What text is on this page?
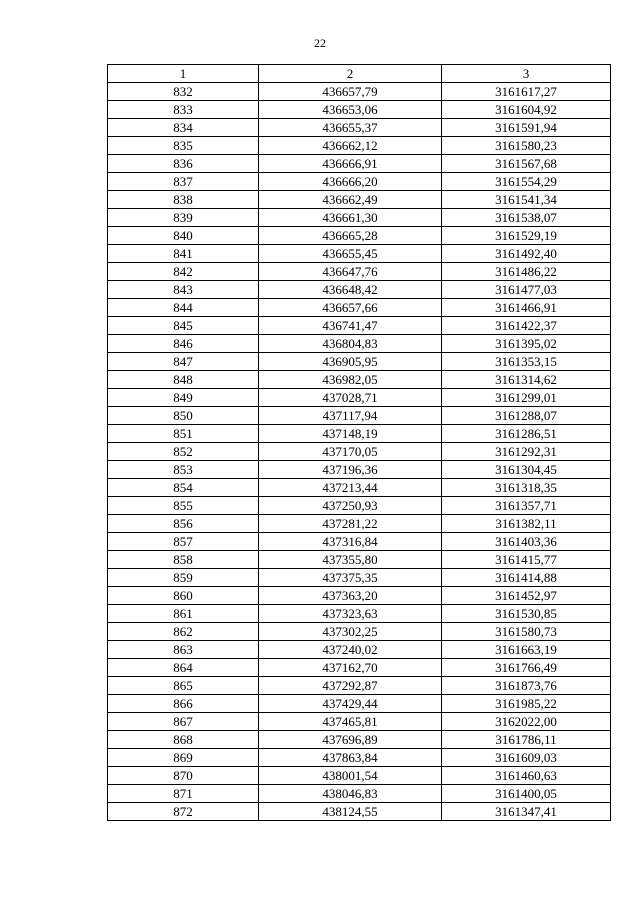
22
1	2	3
832	436657,79	3161617,27
833	436653,06	3161604,92
834	436655,37	3161591,94
835	436662,12	3161580,23
836	436666,91	3161567,68
837	436666,20	3161554,29
838	436662,49	3161541,34
839	436661,30	3161538,07
840	436665,28	3161529,19
841	436655,45	3161492,40
842	436647,76	3161486,22
843	436648,42	3161477,03
844	436657,66	3161466,91
845	436741,47	3161422,37
846	436804,83	3161395,02
847	436905,95	3161353,15
848	436982,05	3161314,62
849	437028,71	3161299,01
850	437117,94	3161288,07
851	437148,19	3161286,51
852	437170,05	3161292,31
853	437196,36	3161304,45
854	437213,44	3161318,35
855	437250,93	3161357,71
856	437281,22	3161382,11
857	437316,84	3161403,36
858	437355,80	3161415,77
859	437375,35	3161414,88
860	437363,20	3161452,97
861	437323,63	3161530,85
862	437302,25	3161580,73
863	437240,02	3161663,19
864	437162,70	3161766,49
865	437292,87	3161873,76
866	437429,44	3161985,22
867	437465,81	3162022,00
868	437696,89	3161786,11
869	437863,84	3161609,03
870	438001,54	3161460,63
871	438046,83	3161400,05
872	438124,55	3161347,41
